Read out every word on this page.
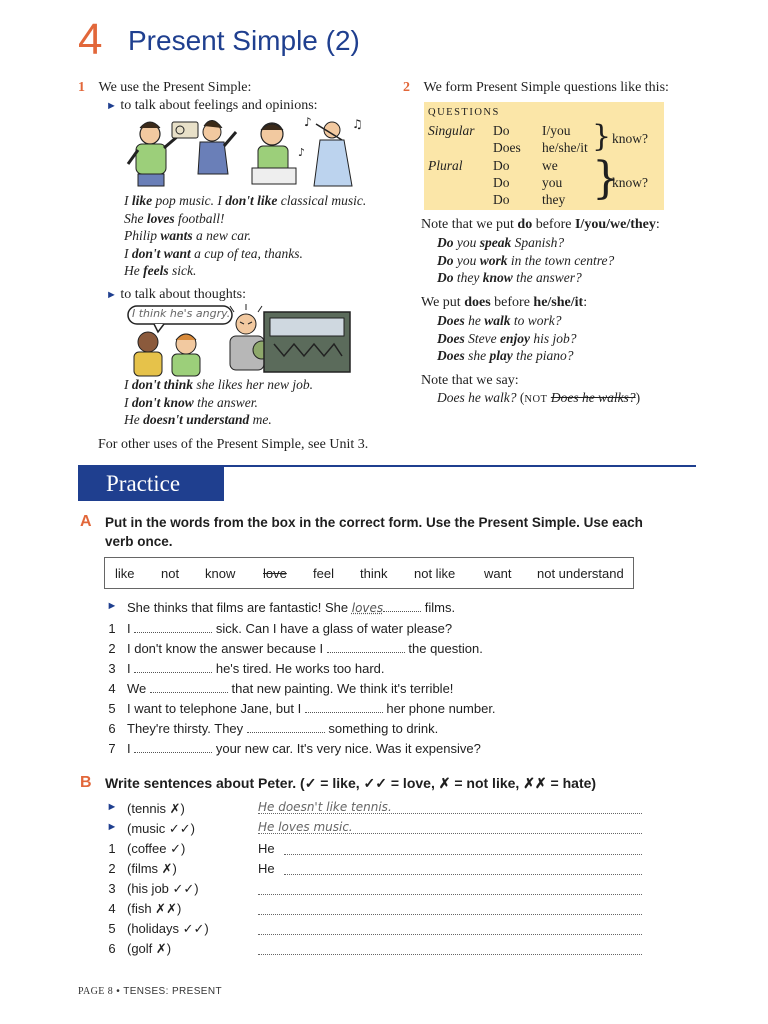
4 Present Simple (2)
1 We use the Present Simple:
► to talk about feelings and opinions:
♪	♫
♪
I like pop music. I don't like classical music.
She loves football!
Philip wants a new car.
I don't want a cup of tea, thanks.
He feels sick.
► to talk about thoughts:
I think he's angry.
I don't think she likes her new job.
I don't know the answer.
He doesn't understand me.
For other uses of the Present Simple, see Unit 3.
2 We form Present Simple questions like this:
QUESTIONS
Singular Do I/you
Does he/she/it } know?
Plural Do we
Do you
Do they }
know?
Note that we put do before I/you/we/they:
Do you speak Spanish?
Do you work in the town centre?
Do they know the answer?
We put does before he/she/it:
Does he walk to work?
Does Steve enjoy his job?
Does she play the piano?
Note that we say:
Does he walk? (NOT Does he walks?)
Practice
A Put in the words from the box in the correct form. Use the Present Simple. Use each
verb once.
like not know love feel think not like want not understand
► She thinks that films are fantastic! She loves	films.
1 I	sick. Can I have a glass of water please?
2 I don't know the answer because I	the question.
3 I	he's tired. He works too hard.
4 We	that new painting. We think it's terrible!
5 I want to telephone Jane, but I	her phone number.
6 They're thirsty. They	something to drink.
7 I	your new car. It's very nice. Was it expensive?
B Write sentences about Peter. (✓ = like, ✓✓ = love, ✗ = not like, ✗✗ = hate)
► (tennis ✗)	He doesn't like tennis.
► (music ✓✓)	He loves music.
1 (coffee ✓)	He
2 (films ✗)	He
3 (his job ✓✓)
4 (fish ✗✗)
5 (holidays ✓✓)
6 (golf ✗)
PAGE 8 • TENSES: PRESENT
